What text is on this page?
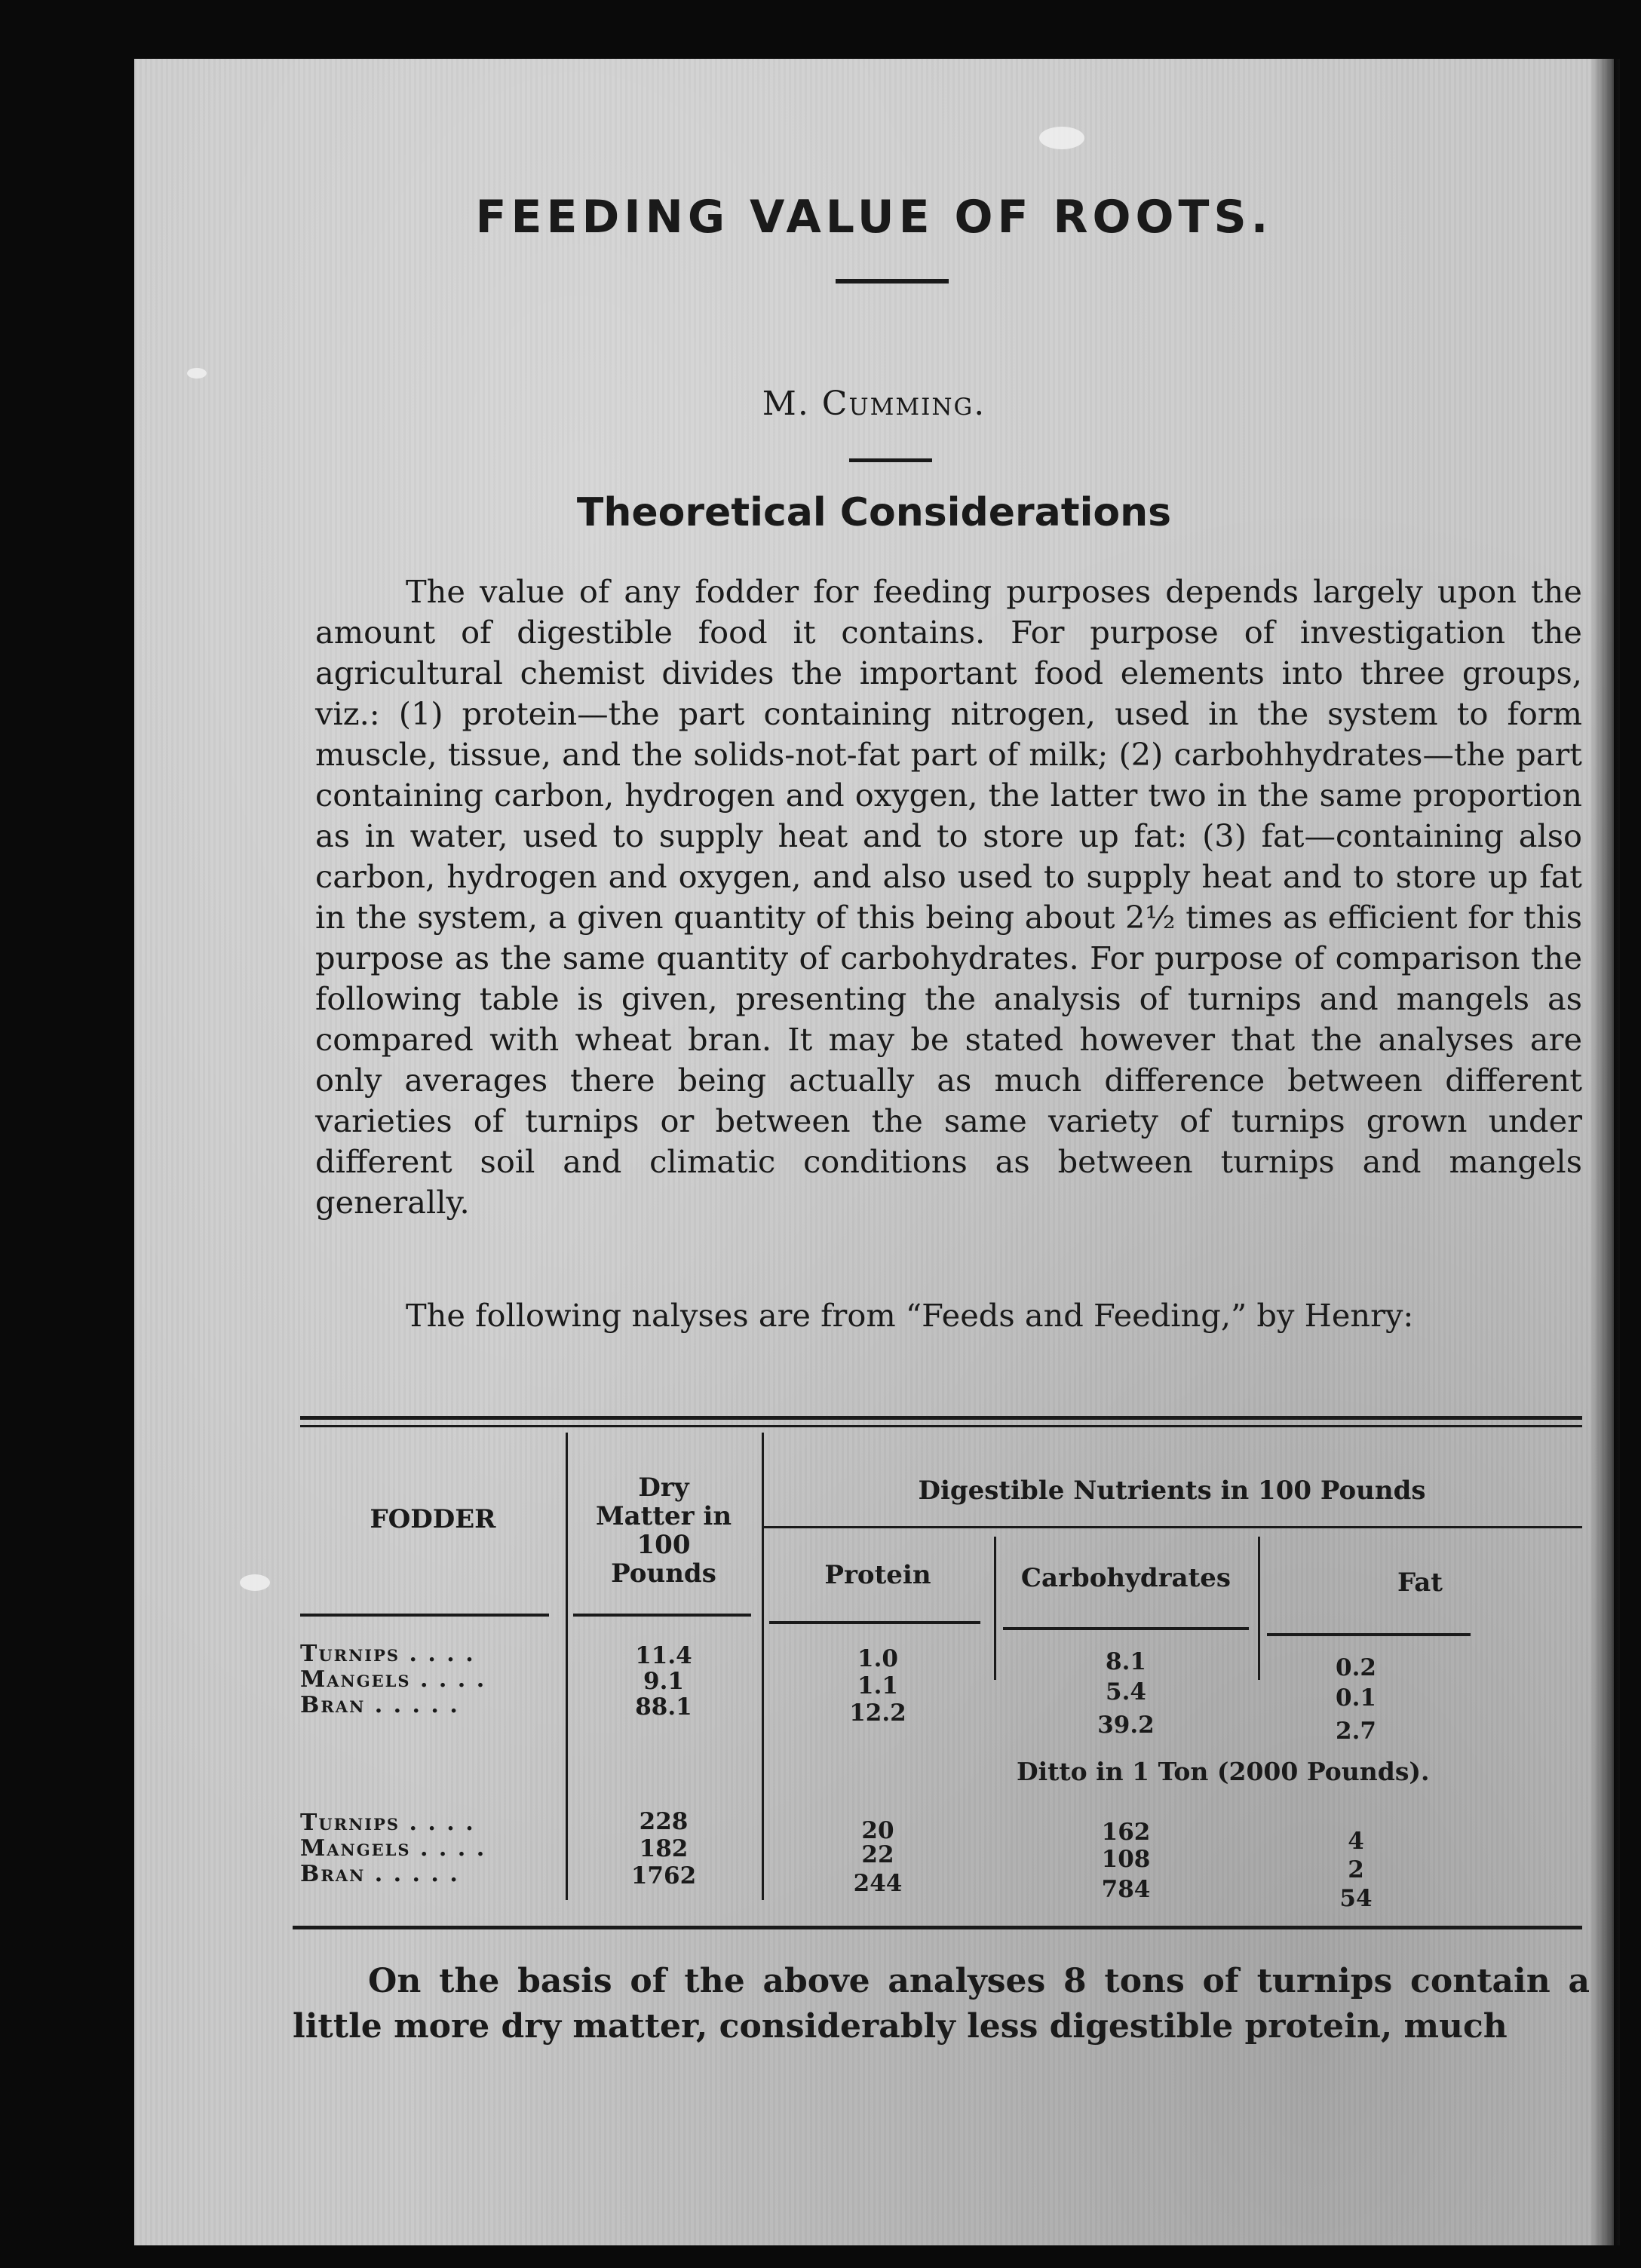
FEEDING VALUE OF ROOTS.
M. Cumming.
Theoretical Considerations

The value of any fodder for feeding purposes depends largely upon the amount of digestible food it contains. For purpose of investigation the agricultural chemist divides the important food elements into three groups, viz.: (1) protein—the part containing nitrogen, used in the system to form muscle, tissue, and the solids-not-fat part of milk; (2) carbohhydrates—the part containing carbon, hydrogen and oxygen, the latter two in the same proportion as in water, used to supply heat and to store up fat: (3) fat—containing also carbon, hydrogen and oxygen, and also used to supply heat and to store up fat in the system, a given quantity of this being about 2½ times as efficient for this purpose as the same quantity of carbohydrates. For purpose of comparison the following table is given, presenting the analysis of turnips and mangels as compared with wheat bran. It may be stated however that the analyses are only averages there being actually as much difference between different varieties of turnips or between the same variety of turnips grown under different soil and climatic conditions as between turnips and mangels generally.

The following nalyses are from “Feeds and Feeding,” by Henry:

FODDER
Dry
Matter in
100
Pounds
Digestible Nutrients in 100 Pounds
Protein	Carbohydrates	Fat
Turnips . . . .	11.4	1.0	8.1	0.2
Mangels . . . .	9.1	1.1	5.4	0.1
Bran . . . . .	88.1	12.2	39.2	2.7
Ditto in 1 Ton (2000 Pounds).
Turnips . . . .	228	20	162	4
Mangels . . . .	182	22	108	2
Bran . . . . .	1762	244	784	54

On the basis of the above analyses 8 tons of turnips contain a little more dry matter, considerably less digestible protein, much
